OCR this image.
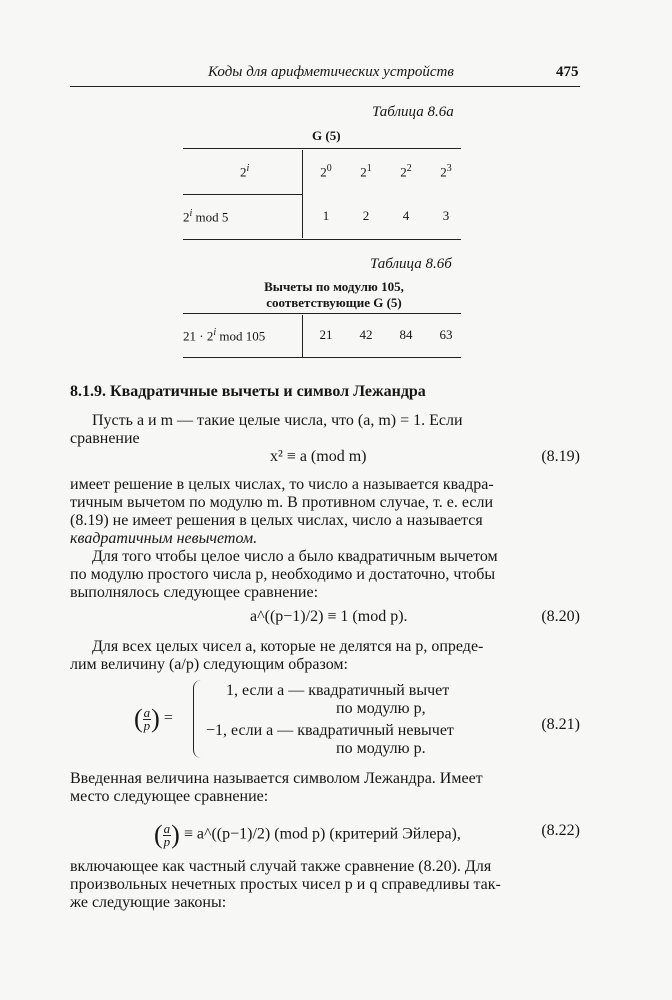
Коды для арифметических устройств	475
Таблица 8.6а
G (5)
2$^i$	$2^0$	$2^1$	$2^2$	$2^3$
2$^i$ mod 5	1	2	4	3
Таблица 8.6б
Вычеты по модулю 105,
соответствующие G (5)
$21 \cdot 2^i$ mod 105	21	42	84	63
8.1.9. Квадратичные вычеты и символ Лежандра
Пусть a и m — такие целые числа, что (a, m) = 1. Если
сравнение
x² ≡ a (mod m)	(8.19)
имеет решение в целых числах, то число a называется квадра-
тичным вычетом по модулю m. В противном случае, т. е. если
(8.19) не имеет решения в целых числах, число a называется
квадратичным невычетом.
Для того чтобы целое число a было квадратичным вычетом
по модулю простого числа p, необходимо и достаточно, чтобы
выполнялось следующее сравнение:
a^((p−1)/2) ≡ 1 (mod p).	(8.20)
Для всех целых чисел a, которые не делятся на p, опреде-
лим величину (a/p) следующим образом:
( $\frac{a}{p}$) =
1, если a — квадратичный вычет
по модулю p,
−1, если a — квадратичный невычет
по модулю p.
(8.21)
Введенная величина называется символом Лежандра. Имеет
место следующее сравнение:
( $\frac{a}{p}$) ≡ a^((p−1)/2) (mod p) (критерий Эйлера),	(8.22)
включающее как частный случай также сравнение (8.20). Для
произвольных нечетных простых чисел p и q справедливы так-
же следующие законы:
